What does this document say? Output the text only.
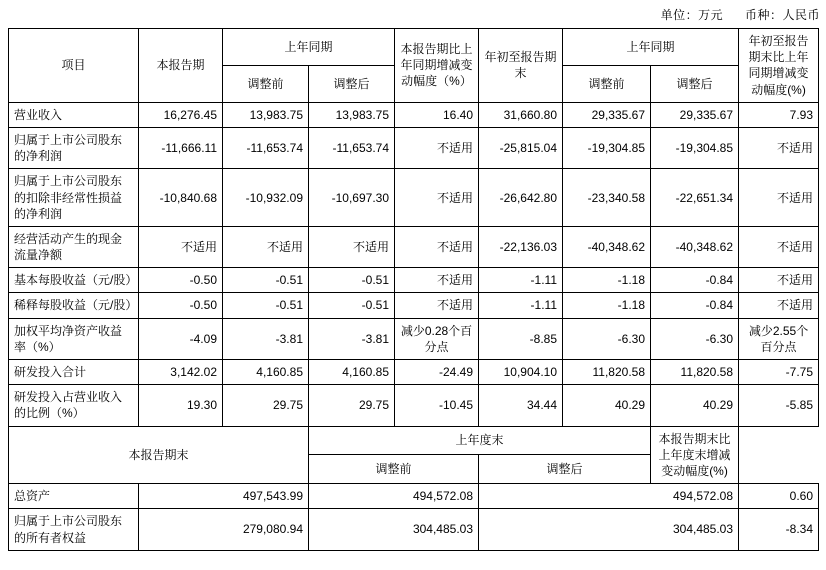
单位：万元 币种：人民币
项目	本报告期	上年同期		本报告期比上年同期增减变动幅度（%）	年初至报告期末	上年同期		年初至报告期末比上年同期增减变动幅度(%)
		调整前	调整后			调整前	调整后	
营业收入	16,276.45	13,983.75	13,983.75	16.40	31,660.80	29,335.67	29,335.67	7.93
归属于上市公司股东的净利润	-11,666.11	-11,653.74	-11,653.74	不适用	-25,815.04	-19,304.85	-19,304.85	不适用
归属于上市公司股东的扣除非经常性损益的净利润	-10,840.68	-10,932.09	-10,697.30	不适用	-26,642.80	-23,340.58	-22,651.34	不适用
经营活动产生的现金流量净额	不适用	不适用	不适用	不适用	-22,136.03	-40,348.62	-40,348.62	不适用
基本每股收益（元/股）	-0.50	-0.51	-0.51	不适用	-1.11	-1.18	-0.84	不适用
稀释每股收益（元/股）	-0.50	-0.51	-0.51	不适用	-1.11	-1.18	-0.84	不适用
加权平均净资产收益率（%）	-4.09	-3.81	-3.81	减少0.28个百分点	-8.85	-6.30	-6.30	减少2.55个百分点
研发投入合计	3,142.02	4,160.85	4,160.85	-24.49	10,904.10	11,820.58	11,820.58	-7.75
研发投入占营业收入的比例（%）	19.30	29.75	29.75	-10.45	34.44	40.29	40.29	-5.85
本报告期末			上年度末				本报告期末比上年度末增减变动幅度(%)	
			调整前		调整后			
总资产	497,543.99		494,572.08		494,572.08			0.60
归属于上市公司股东的所有者权益	279,080.94		304,485.03		304,485.03			-8.34
